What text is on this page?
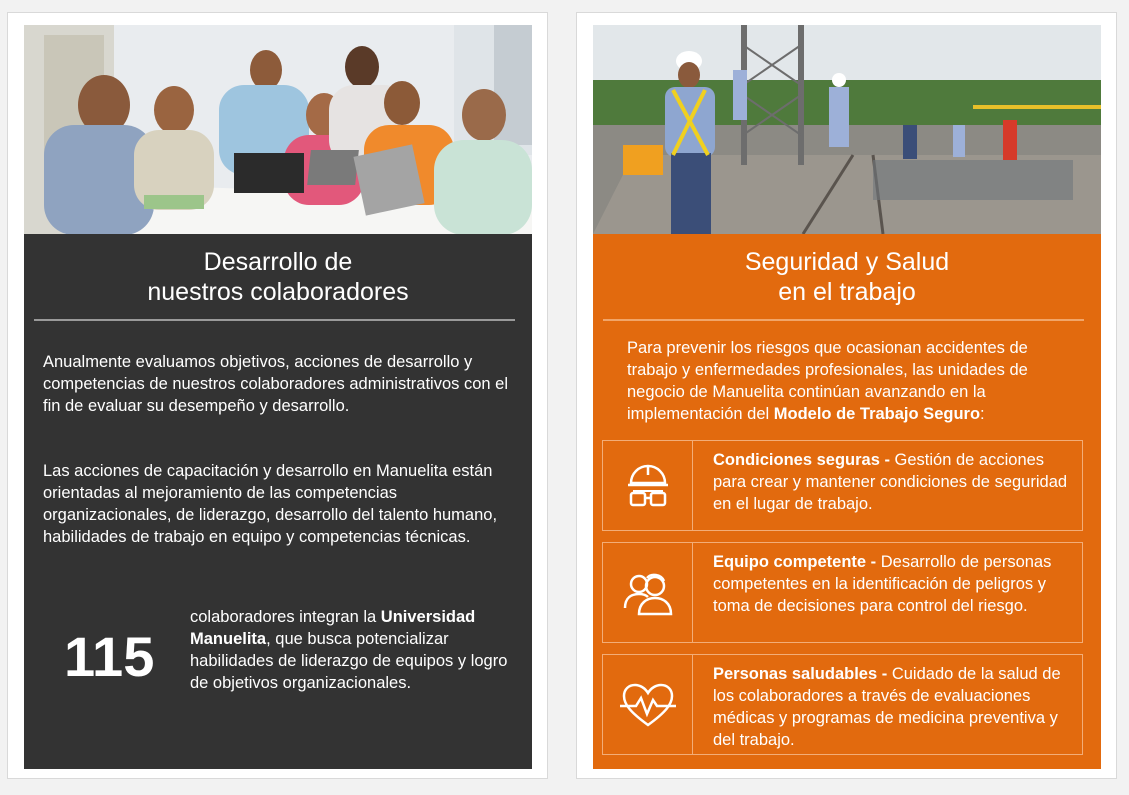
Desarrollo de
nuestros colaboradores

Anualmente evaluamos objetivos, acciones de desarrollo y competencias de nuestros colaboradores administrativos con el fin de evaluar su desempeño y desarrollo.

Las acciones de capacitación y desarrollo en Manuelita están orientadas al mejoramiento de las competencias organizacionales, de liderazgo, desarrollo del talento humano, habilidades de trabajo en equipo y competencias técnicas.

115

colaboradores integran la Universidad Manuelita, que busca potencializar habilidades de liderazgo de equipos y logro de objetivos organizacionales.

Seguridad y Salud
en el trabajo

Para prevenir los riesgos que ocasionan accidentes de trabajo y enfermedades profesionales, las unidades de negocio de Manuelita continúan avanzando en la implementación del Modelo de Trabajo Seguro:

Condiciones seguras - Gestión de acciones para crear y mantener condiciones de seguridad en el lugar de trabajo.
Equipo competente - Desarrollo de personas competentes en la identificación de peligros y toma de decisiones para control del riesgo.
Personas saludables - Cuidado de la salud de los colaboradores a través de evaluaciones médicas y programas de medicina preventiva y del trabajo.
